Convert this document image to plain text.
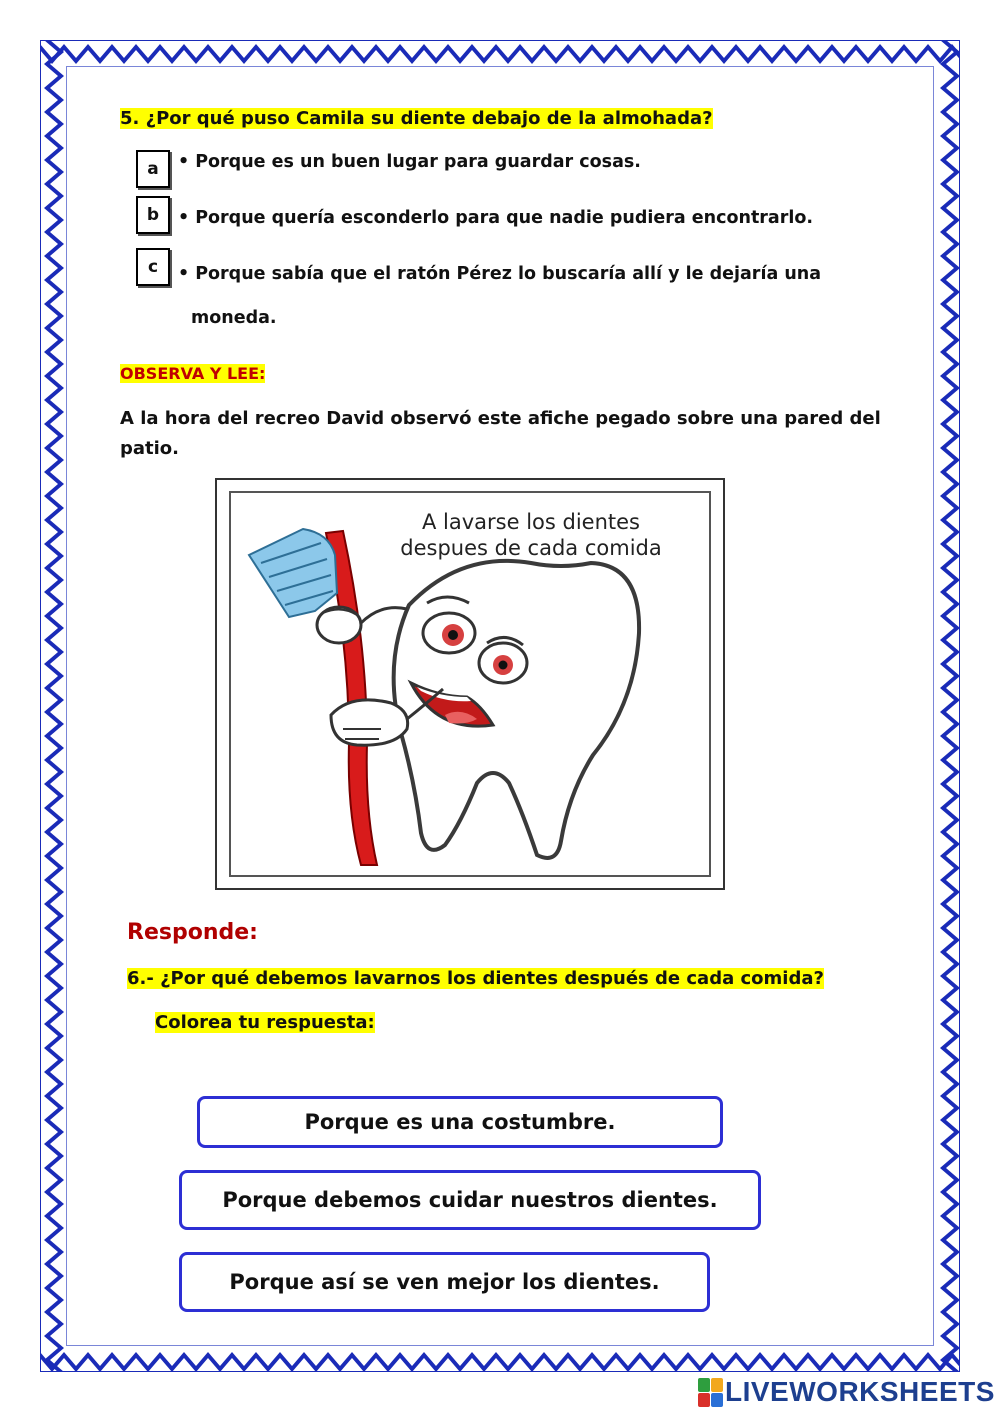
5. ¿Por qué puso Camila su diente debajo de la almohada?
a • Porque es un buen lugar para guardar cosas.
b • Porque quería esconderlo para que nadie pudiera encontrarlo.
c • Porque sabía que el ratón Pérez lo buscaría allí y le dejaría una
moneda.
OBSERVA Y LEE:
A la hora del recreo David observó este afiche pegado sobre una pared del patio.
A lavarse los dientes
despues de cada comida
Responde:
6.- ¿Por qué debemos lavarnos los dientes después de cada comida?
Colorea tu respuesta:
Porque es una costumbre.
Porque debemos cuidar nuestros dientes.
Porque así se ven mejor los dientes.
LIVEWORKSHEETS
